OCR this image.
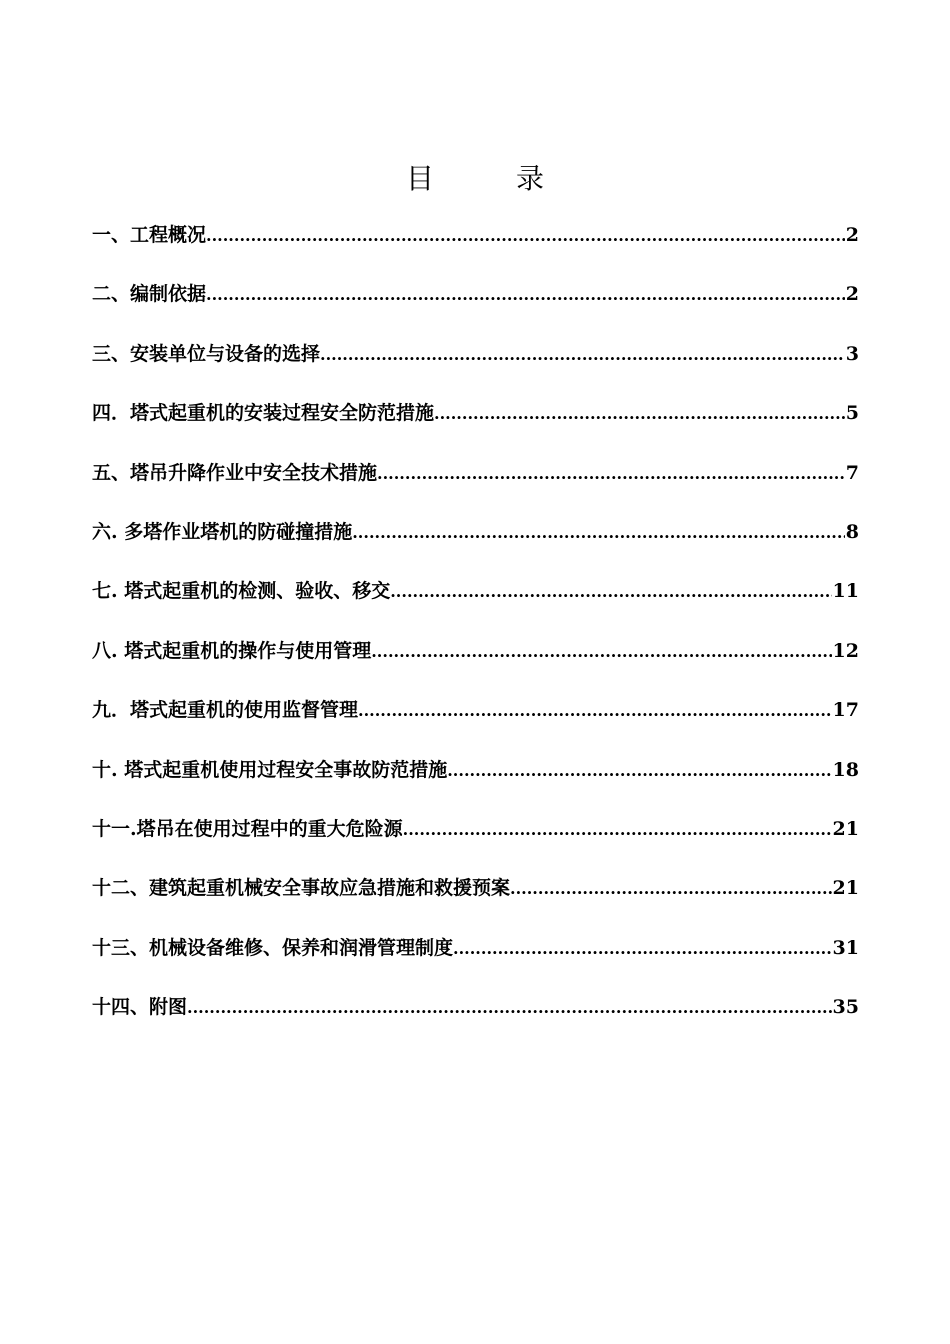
目	录
一、工程概况 .....	2
二、编制依据 .....	2
三、安装单位与设备的选择 .....	3
四．塔式起重机的安装过程安全防范措施 .....	5
五、塔吊升降作业中安全技术措施 .....	7
六. 多塔作业塔机的防碰撞措施 .....	8
七. 塔式起重机的检测、验收、移交 .....	11
八. 塔式起重机的操作与使用管理 .....	12
九．塔式起重机的使用监督管理 .....	17
十. 塔式起重机使用过程安全事故防范措施 .....	18
十一.塔吊在使用过程中的重大危险源 .....	21
十二、建筑起重机械安全事故应急措施和救援预案 .....	21
十三、机械设备维修、保养和润滑管理制度 .....	31
十四、附图 .....	35
